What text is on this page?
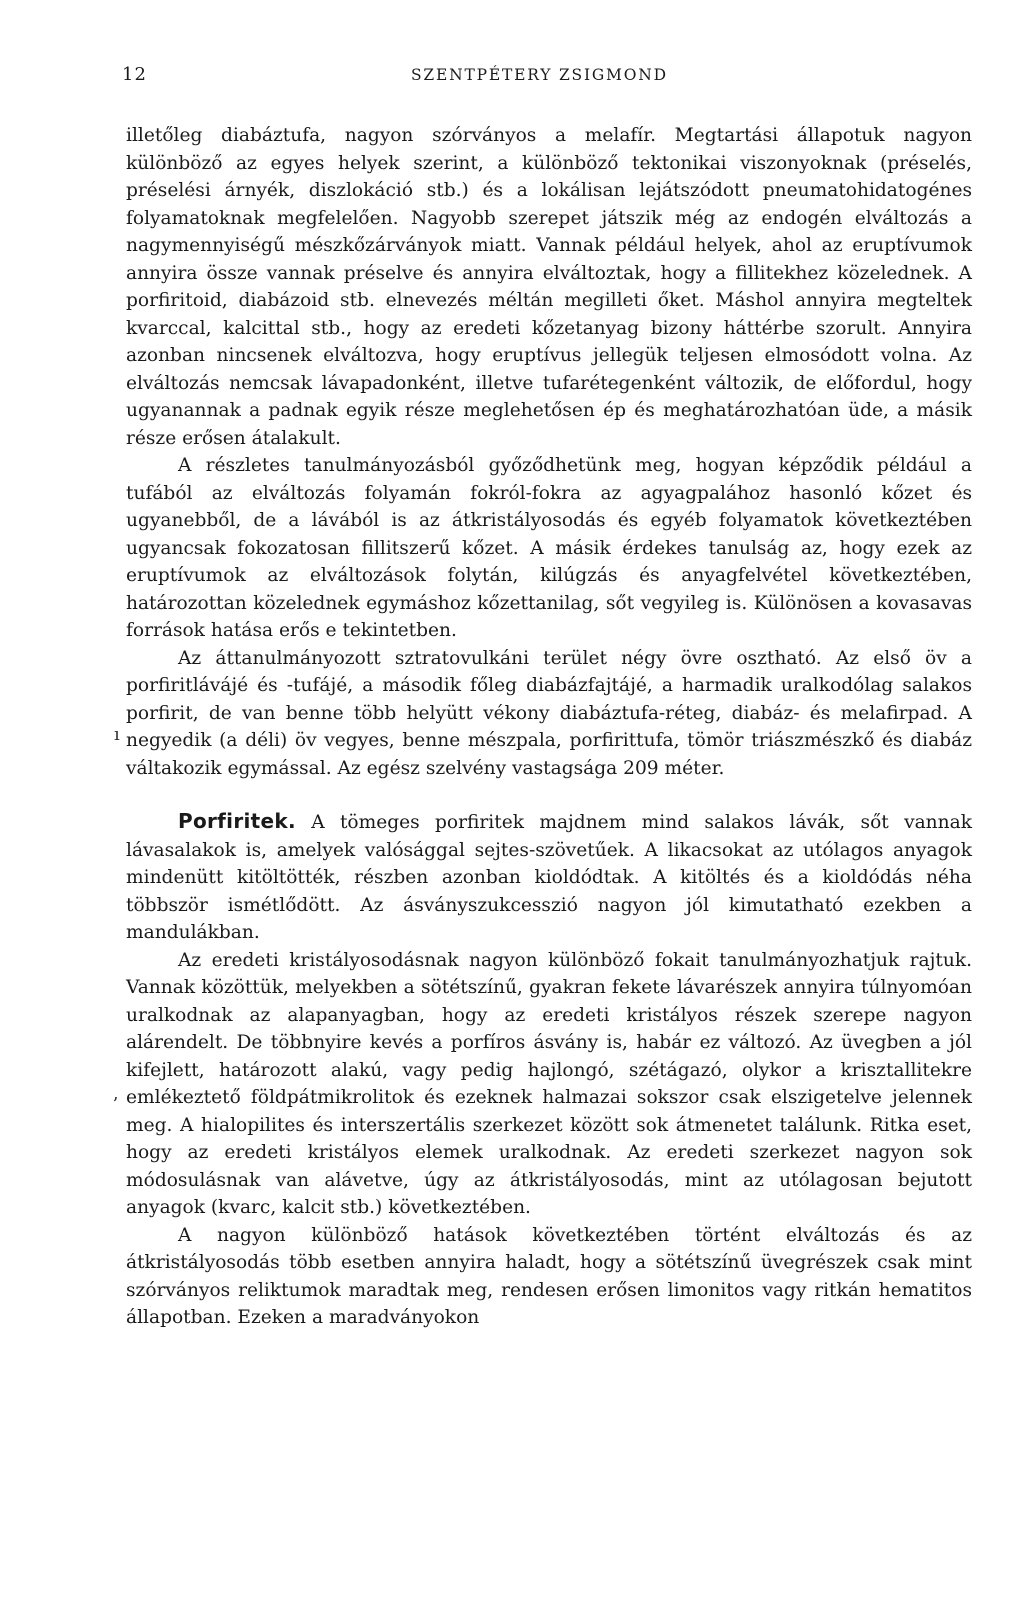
12	SZENTPÉTERY ZSIGMOND
ı
ʼ

illetőleg diabáztufa, nagyon szórványos a melafír. Megtartási állapotuk nagyon különböző az egyes helyek szerint, a különböző tektonikai viszonyoknak (préselés, préselési árnyék, diszlokáció stb.) és a lokálisan lejátszódott pneumatohidatogénes folyamatoknak megfelelően. Nagyobb szerepet játszik még az endogén elváltozás a nagymennyiségű mészkőzárványok miatt. Vannak például helyek, ahol az eruptívumok annyira össze vannak préselve és annyira elváltoztak, hogy a fillitekhez közelednek. A porfiritoid, diabázoid stb. elnevezés méltán megilleti őket. Máshol annyira megteltek kvarccal, kalcittal stb., hogy az eredeti kőzetanyag bizony háttérbe szorult. Annyira azonban nincsenek elváltozva, hogy eruptívus jellegük teljesen elmosódott volna. Az elváltozás nemcsak lávapadonként, illetve tufarétegenként változik, de előfordul, hogy ugyanannak a padnak egyik része meglehetősen ép és meghatározhatóan üde, a másik része erősen átalakult.

A részletes tanulmányozásból győződhetünk meg, hogyan képződik például a tufából az elváltozás folyamán fokról-fokra az agyagpalához hasonló kőzet és ugyanebből, de a lávából is az átkristályosodás és egyéb folyamatok következtében ugyancsak fokozatosan fillitszerű kőzet. A másik érdekes tanulság az, hogy ezek az eruptívumok az elváltozások folytán, kilúgzás és anyagfelvétel következtében, határozottan közelednek egymáshoz kőzettanilag, sőt vegyileg is. Különösen a kovasavas források hatása erős e tekintetben.

Az áttanulmányozott sztratovulkáni terület négy övre osztható. Az első öv a porfiritlávájé és -tufájé, a második főleg diabázfajtájé, a harmadik uralkodólag salakos porfirit, de van benne több helyütt vékony diabáztufa-réteg, diabáz- és melafirpad. A negyedik (a déli) öv vegyes, benne mészpala, porfirittufa, tömör triászmészkő és diabáz váltakozik egymással. Az egész szelvény vastagsága 209 méter.

Porfiritek. A tömeges porfiritek majdnem mind salakos lávák, sőt vannak lávasalakok is, amelyek valósággal sejtes-szövetűek. A likacsokat az utólagos anyagok mindenütt kitöltötték, részben azonban kioldódtak. A kitöltés és a kioldódás néha többször ismétlődött. Az ásványszukcesszió nagyon jól kimutatható ezekben a mandulákban.

Az eredeti kristályosodásnak nagyon különböző fokait tanulmányozhatjuk rajtuk. Vannak közöttük, melyekben a sötétszínű, gyakran fekete lávarészek annyira túlnyomóan uralkodnak az alapanyagban, hogy az eredeti kristályos részek szerepe nagyon alárendelt. De többnyire kevés a porfíros ásvány is, habár ez változó. Az üvegben a jól kifejlett, határozott alakú, vagy pedig hajlongó, szétágazó, olykor a krisztallitekre emlékeztető földpátmikrolitok és ezeknek halmazai sokszor csak elszigetelve jelennek meg. A hialopilites és interszertális szerkezet között sok átmenetet találunk. Ritka eset, hogy az eredeti kristályos elemek uralkodnak. Az eredeti szerkezet nagyon sok módosulásnak van alávetve, úgy az átkristályosodás, mint az utólagosan bejutott anyagok (kvarc, kalcit stb.) következtében.

A nagyon különböző hatások következtében történt elváltozás és az átkristályosodás több esetben annyira haladt, hogy a sötétszínű üvegrészek csak mint szórványos reliktumok maradtak meg, rendesen erősen limonitos vagy ritkán hematitos állapotban. Ezeken a maradványokon
